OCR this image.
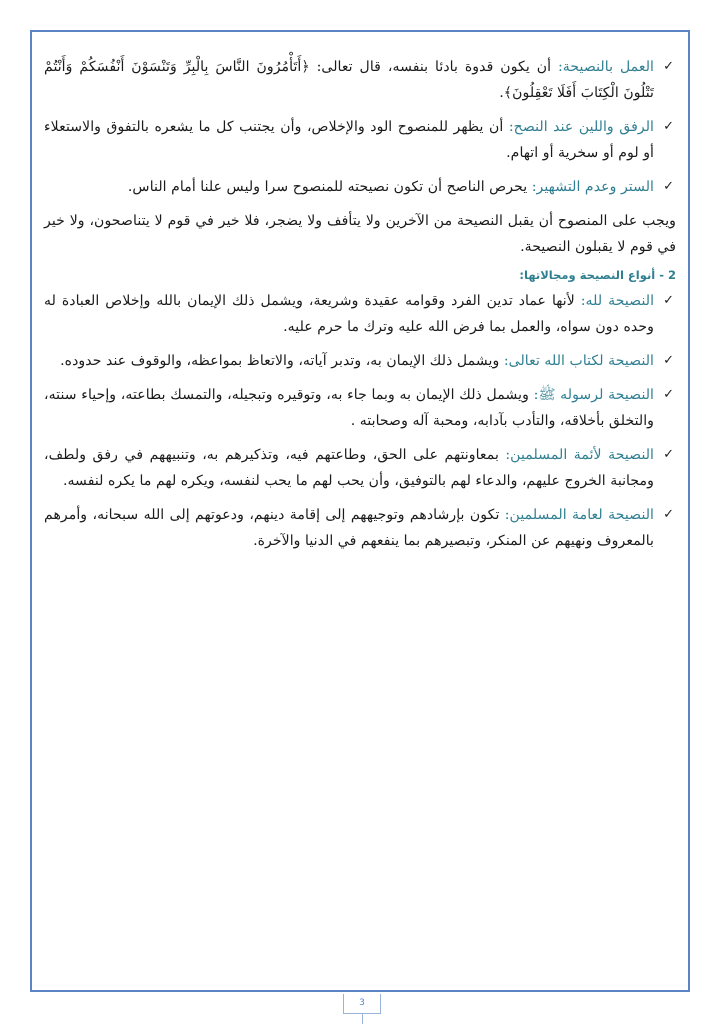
✓
العمل بالنصيحة: أن يكون قدوة بادئا بنفسه، قال تعالى: ﴿أَتَأْمُرُونَ النَّاسَ بِالْبِرِّ وَتَنْسَوْنَ أَنْفُسَكُمْ وَأَنْتُمْ تَتْلُونَ الْكِتَابَ أَفَلَا تَعْقِلُونَ﴾.
✓
الرفق واللين عند النصح: أن يظهر للمنصوح الود والإخلاص، وأن يجتنب كل ما يشعره بالتفوق والاستعلاء أو لوم أو سخرية أو اتهام.
✓
الستر وعدم التشهير: يحرص الناصح أن تكون نصيحته للمنصوح سرا وليس علنا أمام الناس.

ويجب على المنصوح أن يقبل النصيحة من الآخرين ولا يتأفف ولا يضجر، فلا خير في قوم لا يتناصحون، ولا خير في قوم لا يقبلون النصيحة.

2 - أنواع النصيحة ومجالاتها:
✓
النصيحة لله: لأنها عماد تدين الفرد وقوامه عقيدة وشريعة، ويشمل ذلك الإيمان بالله وإخلاص العبادة له وحده دون سواه، والعمل بما فرض الله عليه وترك ما حرم عليه.
✓
النصيحة لكتاب الله تعالى: ويشمل ذلك الإيمان به، وتدبر آياته، والاتعاظ بمواعظه، والوقوف عند حدوده.
✓
النصيحة لرسوله ﷺ: ويشمل ذلك الإيمان به وبما جاء به، وتوقيره وتبجيله، والتمسك بطاعته، وإحياء سنته، والتخلق بأخلاقه، والتأدب بآدابه، ومحبة آله وصحابته .
✓
النصيحة لأئمة المسلمين: بمعاونتهم على الحق، وطاعتهم فيه، وتذكيرهم به، وتنبيههم في رفق ولطف، ومجانبة الخروج عليهم، والدعاء لهم بالتوفيق، وأن يحب لهم ما يحب لنفسه، ويكره لهم ما يكره لنفسه.
✓
النصيحة لعامة المسلمين: تكون بإرشادهم وتوجيههم إلى إقامة دينهم، ودعوتهم إلى الله سبحانه، وأمرهم بالمعروف ونهيهم عن المنكر، وتبصيرهم بما ينفعهم في الدنيا والآخرة.
3
